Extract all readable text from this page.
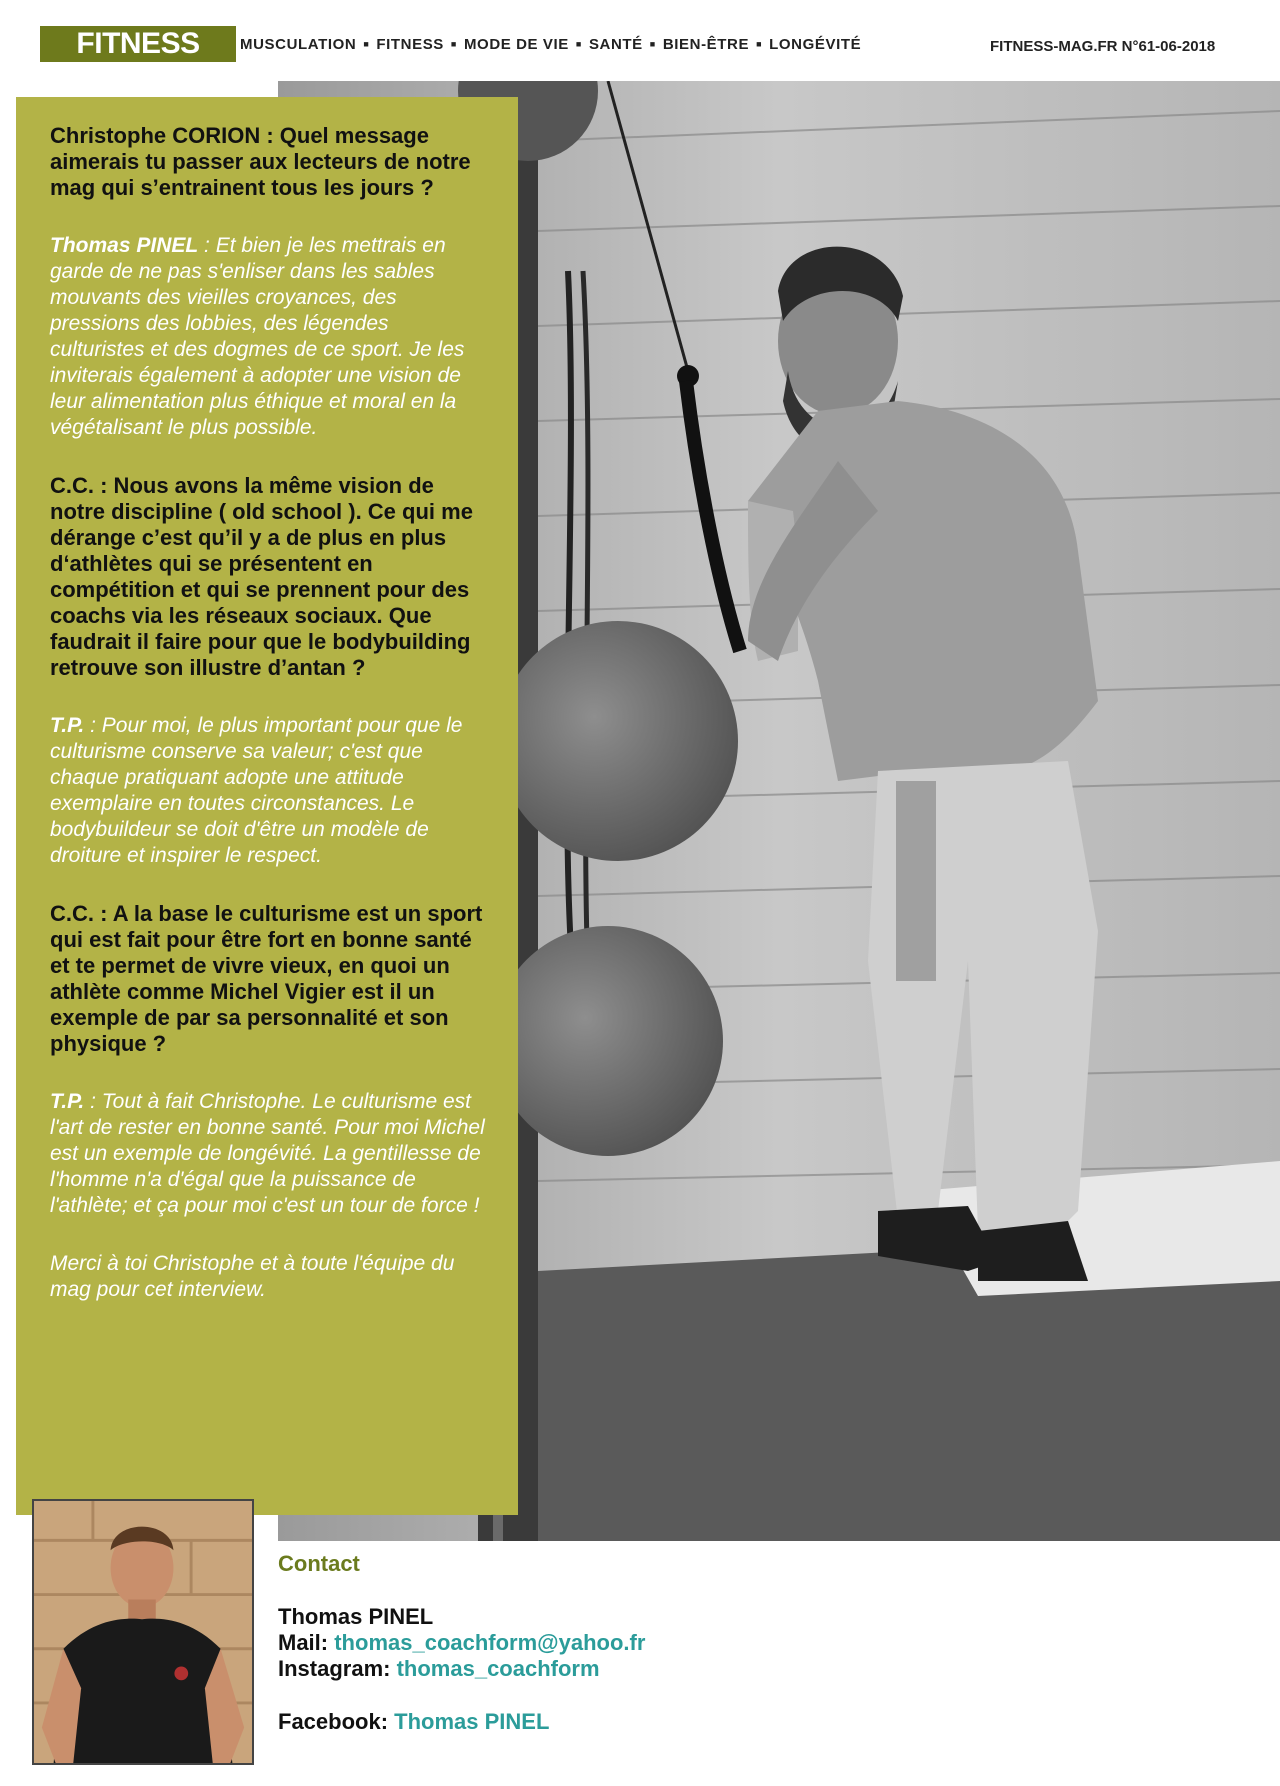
FITNESS MAG
MUSCULATION ■ FITNESS ■ MODE DE VIE ■ SANTÉ ■ BIEN-ÊTRE ■ LONGÉVITÉ	FITNESS-MAG.FR N°61-06-2018

Christophe CORION : Quel message aimerais tu passer aux lecteurs de notre mag qui s’entrainent tous les jours ?

Thomas PINEL : Et bien je les mettrais en garde de ne pas s'enliser dans les sables mouvants des vieilles croyances, des pressions des lobbies, des légendes culturistes et des dogmes de ce sport. Je les inviterais également à adopter une vision de leur alimentation plus éthique et moral en la végétalisant le plus possible.

C.C. : Nous avons la même vision de notre discipline ( old school ). Ce qui me dérange c’est qu’il y a de plus en plus d‘athlètes qui se présentent en compétition et qui se prennent pour des coachs via les réseaux sociaux. Que faudrait il faire pour que le bodybuilding retrouve son illustre d’antan ?

T.P. : Pour moi, le plus important pour que le culturisme conserve sa valeur; c'est que chaque pratiquant adopte une attitude exemplaire en toutes circonstances. Le bodybuildeur se doit d'être un modèle de droiture et inspirer le respect.

C.C. : A la base le culturisme est un sport qui est fait pour être fort en bonne santé et te permet de vivre vieux, en quoi un athlète comme Michel Vigier est il un exemple de par sa personnalité et son physique ?

T.P. : Tout à fait Christophe. Le culturisme est l'art de rester en bonne santé. Pour moi Michel est un exemple de longévité. La gentillesse de l'homme n'a d'égal que la puissance de l'athlète; et ça pour moi c'est un tour de force !

Merci à toi Christophe et à toute l'équipe du mag pour cet interview.

Contact
Thomas PINEL
Mail: thomas_coachform@yahoo.fr
Instagram: thomas_coachform
Facebook: Thomas PINEL
